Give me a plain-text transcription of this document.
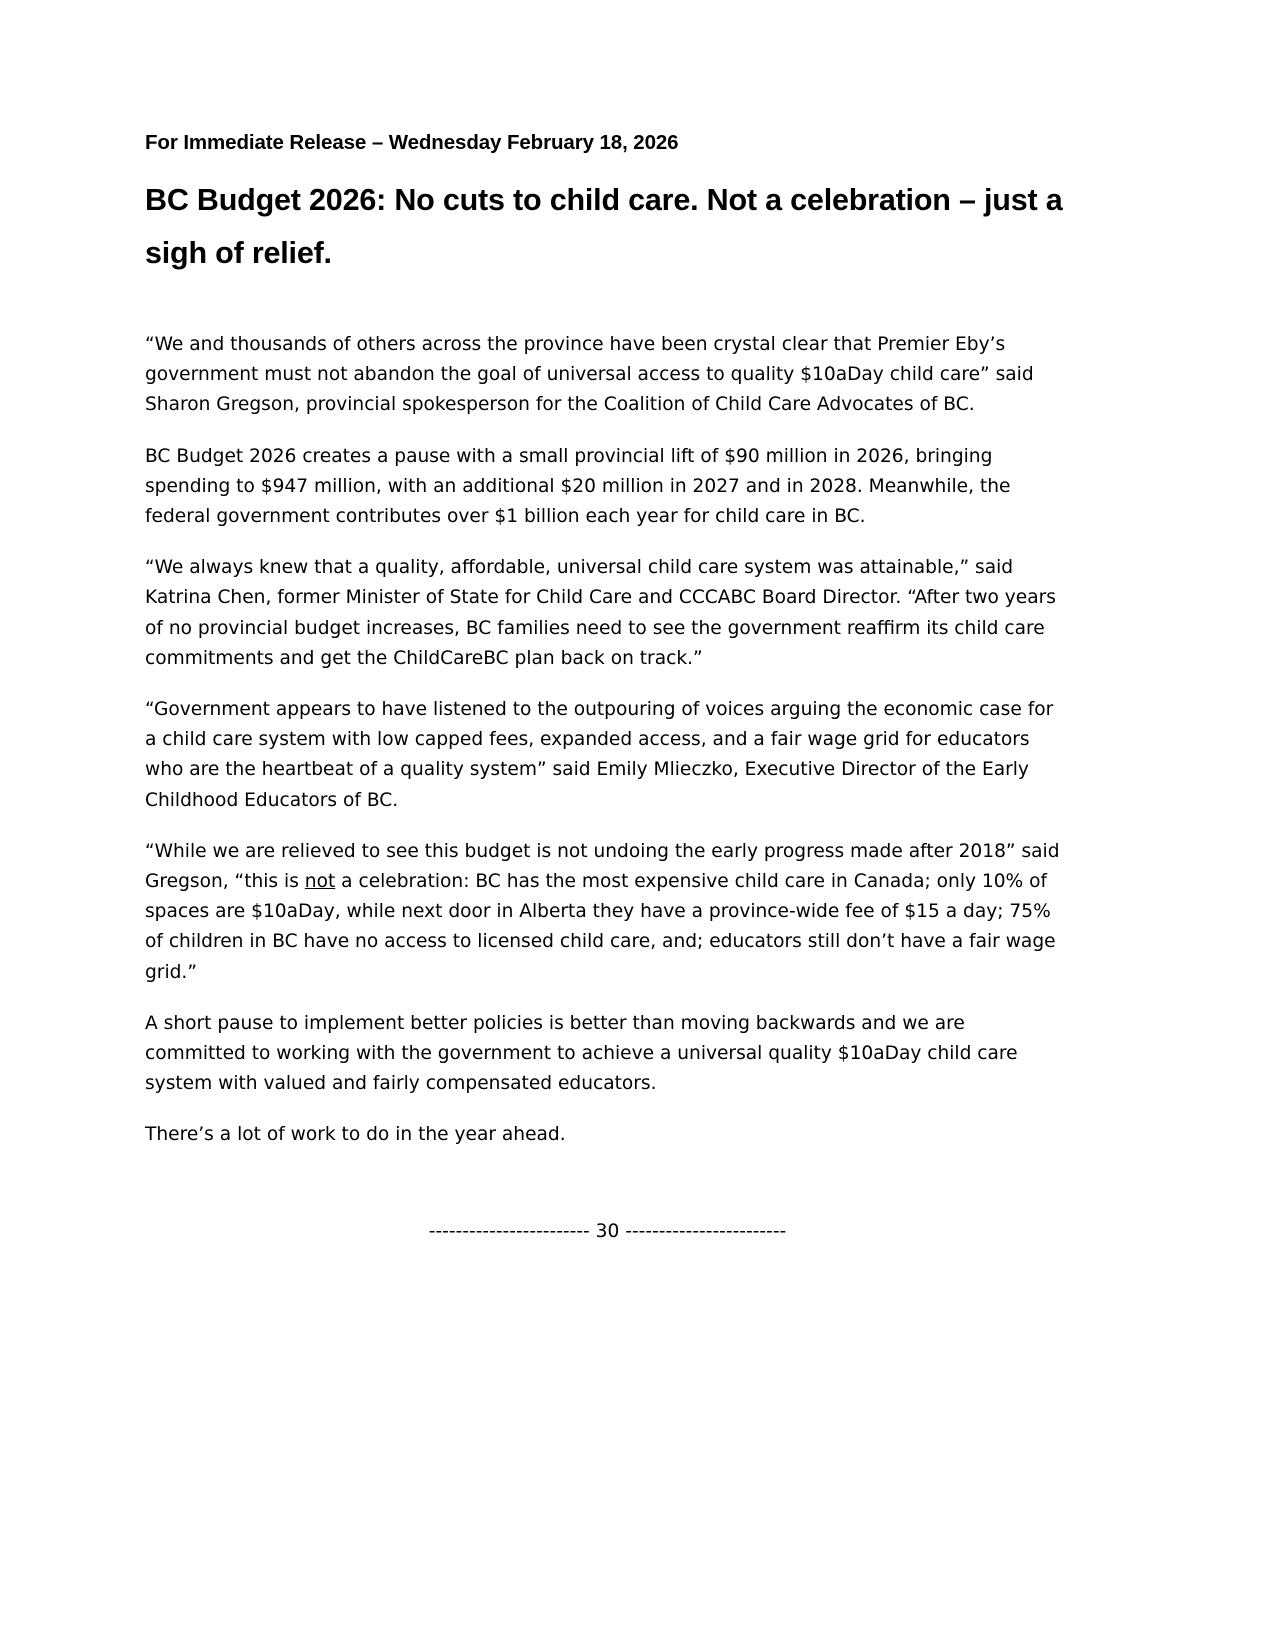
For Immediate Release – Wednesday February 18, 2026
BC Budget 2026: No cuts to child care. Not a celebration – just a sigh of relief.

“We and thousands of others across the province have been crystal clear that Premier Eby’s government must not abandon the goal of universal access to quality $10aDay child care” said Sharon Gregson, provincial spokesperson for the Coalition of Child Care Advocates of BC.

BC Budget 2026 creates a pause with a small provincial lift of $90 million in 2026, bringing spending to $947 million, with an additional $20 million in 2027 and in 2028. Meanwhile, the federal government contributes over $1 billion each year for child care in BC.

“We always knew that a quality, affordable, universal child care system was attainable,” said Katrina Chen, former Minister of State for Child Care and CCCABC Board Director. “After two years of no provincial budget increases, BC families need to see the government reaffirm its child care commitments and get the ChildCareBC plan back on track.”

“Government appears to have listened to the outpouring of voices arguing the economic case for a child care system with low capped fees, expanded access, and a fair wage grid for educators who are the heartbeat of a quality system” said Emily Mlieczko, Executive Director of the Early Childhood Educators of BC.

“While we are relieved to see this budget is not undoing the early progress made after 2018” said Gregson, “this is not a celebration: BC has the most expensive child care in Canada; only 10% of spaces are $10aDay, while next door in Alberta they have a province-wide fee of $15 a day; 75% of children in BC have no access to licensed child care, and; educators still don’t have a fair wage grid.”

A short pause to implement better policies is better than moving backwards and we are committed to working with the government to achieve a universal quality $10aDay child care system with valued and fairly compensated educators.

There’s a lot of work to do in the year ahead.

------------------------ 30 ------------------------
